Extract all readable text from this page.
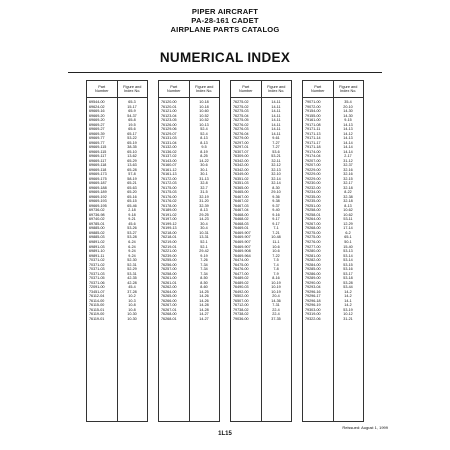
PIPER AIRCRAFT
PA-28-161 CADET
AIRPLANE PARTS CATALOG
NUMERICAL INDEX
Part
Number
Figure and
Index No.
69544-00	65-3
69624-02	15-17
69669-16	65-9
69669-20	54-37
69669-20	65-8
69669-27	19-5
69669-27	65-6
69669-39	65-17
69669-77	53-22
69669-77	65-19
69669-115	38-35
69669-115	65-10
69669-117	13-62
69669-117	65-29
69669-118	13-63
69669-118	65-28
69669-173	57-8
69669-175	58-19
69669-187	65-21
69669-188	65-63
69669-189	65-20
69669-192	65-16
69669-193	65-15
69669-195	65-46
69736-02	2-18
69736-98	9-18
69740-02	9-21
69785-01	45-6
69885-00	53-26
69885-02	53-27
69885-03	53-28
69891-02	6-24
69891-03	6-24
69891-10	9-24
69891-11	9-24
70371-02	52-30
70371-02	52-31
70371-03	52-29
70371-03	53-31
70371-05	42-35
70371-06	42-28
72091-00	45-4
73451-07	37-28
76112-04	10-2
76114-00	10-3
76115-00	10-8
76115-01	10-8
76119-00	10-30
76119-01	10-30
Part
Number
Figure and
Index No.
76120-00	10-18
76120-01	10-18
76121-00	10-60
76123-04	10-52
76123-05	10-52
76126-00	10-13
76129-06	52-4
76129-07	52-4
76131-03	8-13
76131-04	8-13
76132-00	9-5
76136-02	8-19
76137-02	8-25
76143-00	14-22
76160-07	30-6
76161-12	30-1
76161-13	30-1
76172-00	31-13
76172-03	32-8
76175-00	32-7
76175-03	31-5
76176-00	32-19
76176-02	31-20
76178-00	32-39
76189-00	8-13
76191-02	29-25
76197-00	14-23
76199-12	30-4
76199-13	30-4
76218-00	10-31
76218-01	13-31
76219-00	52-1
76219-01	52-1
76221-00	29-42
76239-00	9-19
76255-00	7-26
76256-00	7-34
76257-00	7-34
76258-00	7-34
76261-00	8-50
76261-01	8-50
76262-00	8-60
76264-00	14-25
76265-00	14-26
76266-00	14-26
76267-00	14-28
76267-01	14-28
76268-00	14-27
76268-01	14-27
Part
Number
Figure and
Index No.
76275-02	14-11
76275-02	14-11
76275-03	14-11
76275-04	14-11
76275-05	14-11
76276-02	14-11
76276-03	14-11
76276-04	14-11
76279-00	9-61
76297-00	7-27
76297-01	7-27
76307-07	53-6
76309-00	53-21
76342-00	32-11
76342-00	32-12
76342-00	32-13
76349-00	32-10
76351-02	32-14
76351-03	32-14
76365-00	8-30
76465-00	29-10
76467-00	9-36
76467-02	9-38
76467-03	9-37
76467-04	9-40
76468-00	9-16
76468-02	9-17
76468-03	9-17
76469-01	7-1
76469-907	7-21
76469-907	10-48
76469-907	11-1
76469-907	10-6
76469-908	10-6
76469-964	7-22
76474-00	7-5
76475-00	7-4
76476-00	7-8
76477-00	7-9
76489-02	8-16
76489-02	10-19
76490-03	10-19
76492-00	10-19
76502-00	20-4
76507-00	14-36
76712-00	7-31
79738-02	22-4
79738-02	22-4
79036-00	37-35
Part
Number
Figure and
Index No.
79071-00	35-4
79072-00	20-10
79154-00	14-30
79155-00	14-30
79161-00	9-15
79171-08	14-13
79171-11	14-13
79171-13	14-12
79171-14	14-13
79171-17	14-14
79171-18	14-14
79174-00	14-14
79174-04	2-17
79207-00	31-12
79207-00	32-37
79229-00	32-16
79229-00	32-16
79229-00	32-15
79230-00	32-17
79232-00	32-18
79234-00	8-22
79235-00	32-38
79235-00	32-18
79251-00	8-13
79258-00	10-62
79258-01	10-62
79264-00	53-11
79267-00	12-29
79268-00	17-14
79275-00	6-2
79275-00	65-1
79276-00	50-1
79277-00	15-40
79280-00	53-13
79281-00	53-14
79282-00	53-14
79284-00	53-15
79285-00	53-16
79286-00	53-17
79289-00	53-18
79290-00	53-28
79293-04	53-44
79296-16	14-2
79296-17	14-2
79296-18	14-1
79296-19	14-2
79303-00	53-19
79319-00	10-12
79322-06	31-21
Reissued: August 1, 1999
1L15
